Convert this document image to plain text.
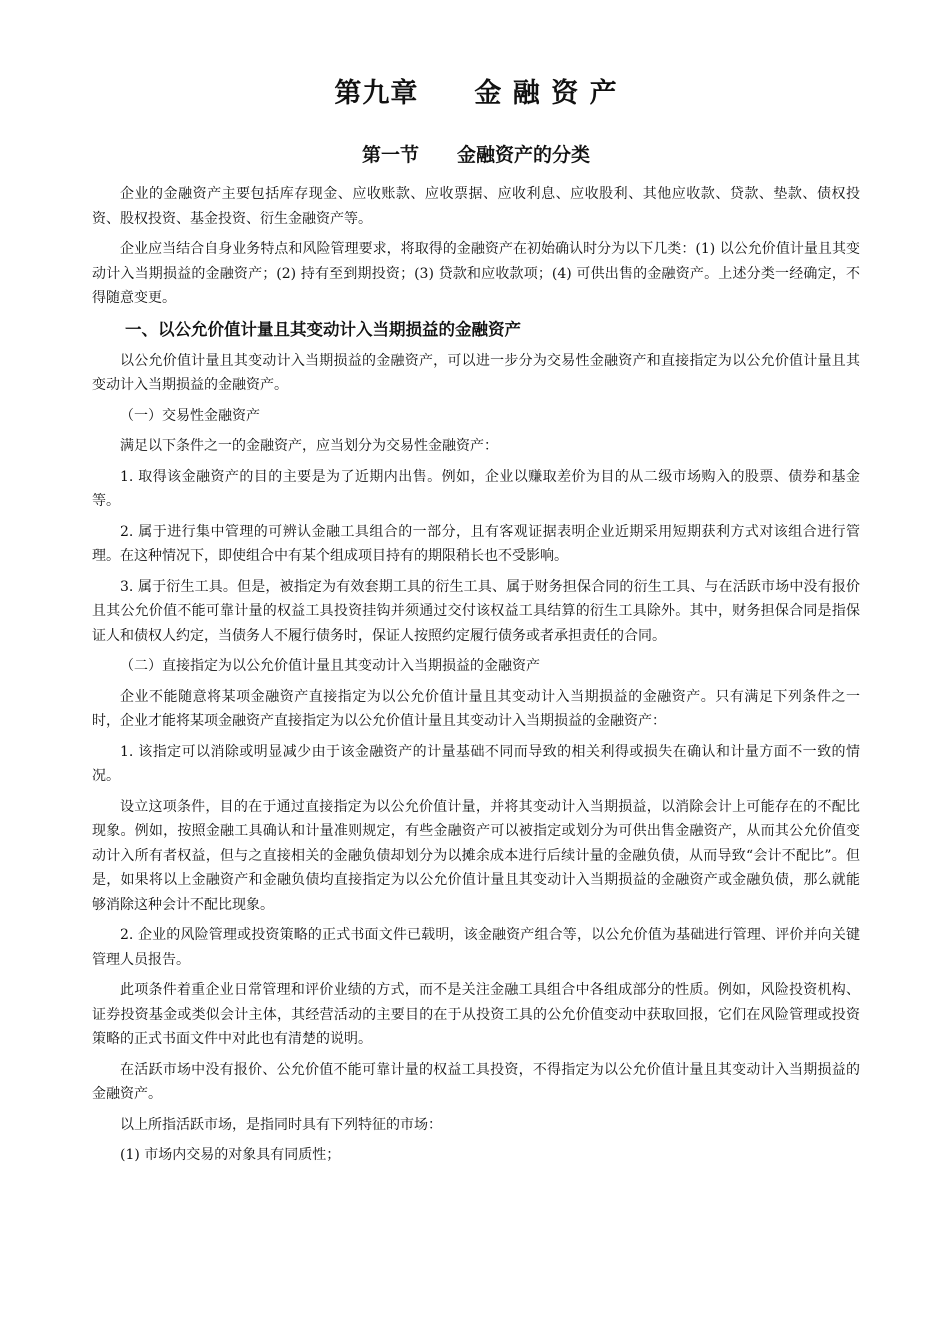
第九章　　金 融 资 产
第一节　　金融资产的分类

企业的金融资产主要包括库存现金、应收账款、应收票据、应收利息、应收股利、其他应收款、贷款、垫款、债权投资、股权投资、基金投资、衍生金融资产等。

企业应当结合自身业务特点和风险管理要求，将取得的金融资产在初始确认时分为以下几类：(1) 以公允价值计量且其变动计入当期损益的金融资产；(2) 持有至到期投资；(3) 贷款和应收款项；(4) 可供出售的金融资产。上述分类一经确定，不得随意变更。

一、以公允价值计量且其变动计入当期损益的金融资产

以公允价值计量且其变动计入当期损益的金融资产，可以进一步分为交易性金融资产和直接指定为以公允价值计量且其变动计入当期损益的金融资产。

（一）交易性金融资产

满足以下条件之一的金融资产，应当划分为交易性金融资产：

1. 取得该金融资产的目的主要是为了近期内出售。例如，企业以赚取差价为目的从二级市场购入的股票、债券和基金等。

2. 属于进行集中管理的可辨认金融工具组合的一部分，且有客观证据表明企业近期采用短期获利方式对该组合进行管理。在这种情况下，即使组合中有某个组成项目持有的期限稍长也不受影响。

3. 属于衍生工具。但是，被指定为有效套期工具的衍生工具、属于财务担保合同的衍生工具、与在活跃市场中没有报价且其公允价值不能可靠计量的权益工具投资挂钩并须通过交付该权益工具结算的衍生工具除外。其中，财务担保合同是指保证人和债权人约定，当债务人不履行债务时，保证人按照约定履行债务或者承担责任的合同。

（二）直接指定为以公允价值计量且其变动计入当期损益的金融资产

企业不能随意将某项金融资产直接指定为以公允价值计量且其变动计入当期损益的金融资产。只有满足下列条件之一时，企业才能将某项金融资产直接指定为以公允价值计量且其变动计入当期损益的金融资产：

1. 该指定可以消除或明显减少由于该金融资产的计量基础不同而导致的相关利得或损失在确认和计量方面不一致的情况。

设立这项条件，目的在于通过直接指定为以公允价值计量，并将其变动计入当期损益，以消除会计上可能存在的不配比现象。例如，按照金融工具确认和计量准则规定，有些金融资产可以被指定或划分为可供出售金融资产，从而其公允价值变动计入所有者权益，但与之直接相关的金融负债却划分为以摊余成本进行后续计量的金融负债，从而导致“会计不配比”。但是，如果将以上金融资产和金融负债均直接指定为以公允价值计量且其变动计入当期损益的金融资产或金融负债，那么就能够消除这种会计不配比现象。

2. 企业的风险管理或投资策略的正式书面文件已载明，该金融资产组合等，以公允价值为基础进行管理、评价并向关键管理人员报告。

此项条件着重企业日常管理和评价业绩的方式，而不是关注金融工具组合中各组成部分的性质。例如，风险投资机构、证券投资基金或类似会计主体，其经营活动的主要目的在于从投资工具的公允价值变动中获取回报，它们在风险管理或投资策略的正式书面文件中对此也有清楚的说明。

在活跃市场中没有报价、公允价值不能可靠计量的权益工具投资，不得指定为以公允价值计量且其变动计入当期损益的金融资产。

以上所指活跃市场，是指同时具有下列特征的市场：

(1) 市场内交易的对象具有同质性；
